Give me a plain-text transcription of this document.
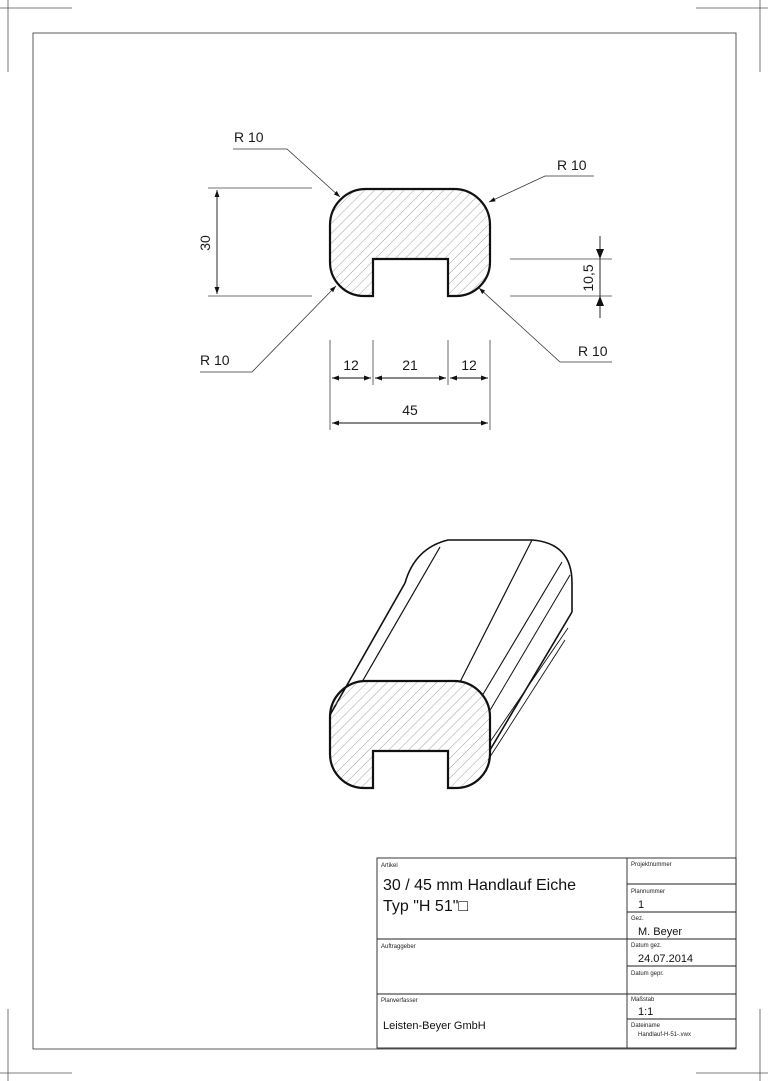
30
10,5
12	21	12
45
R 10
R 10
R 10
R 10
Artikel
30 / 45 mm Handlauf Eiche
Typ "H 51"□
Auftraggeber
Planverfasser
Leisten-Beyer GmbH
Projektnummer
Plannummer
1
Gez.
M. Beyer
Datum gez.
24.07.2014
Datum gepr.
Maßstab
1:1
Dateiname
Handlauf-H-51-.vwx
